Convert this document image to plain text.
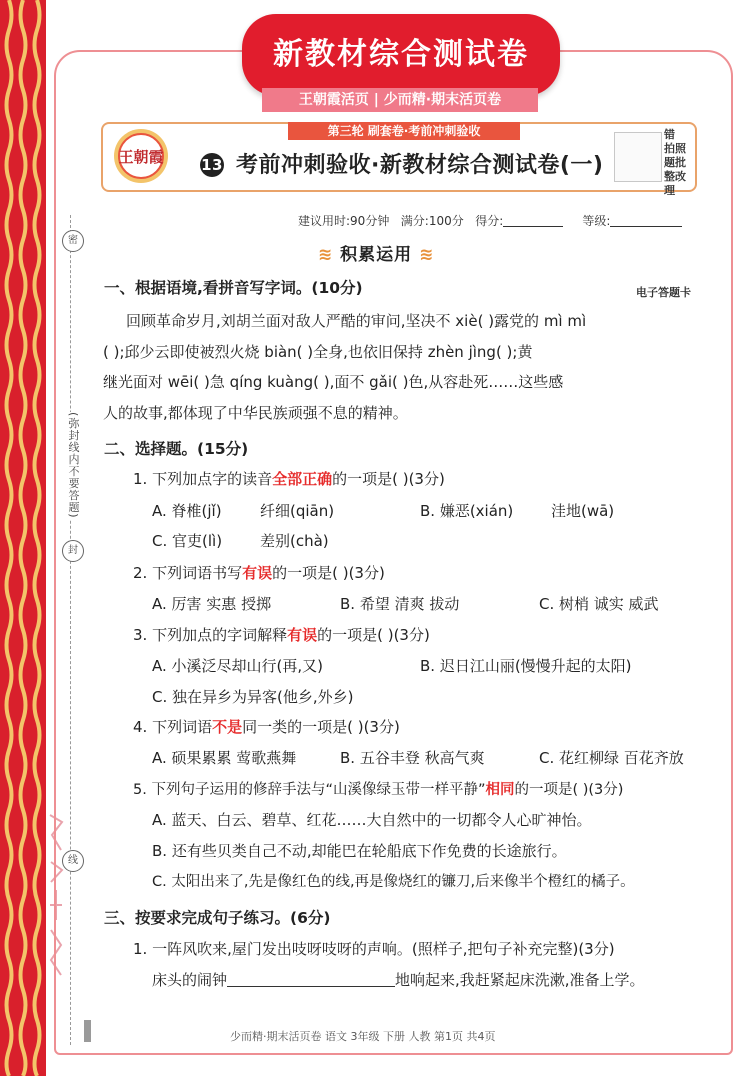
密
(弥封线内不要答题)
封
线
新教材综合测试卷
王朝霞活页 | 少而精·期末活页卷
王朝霞
第三轮 刷套卷·考前冲刺验收
13 考前冲刺验收·新教材综合测试卷(一)
错
拍照
题批
整改
理
建议用时:90分钟 满分:100分 得分:	等级:
≋ 积累运用 ≋
电子答题卡
一、根据语境,看拼音写字词。(10分)
回顾革命岁月,刘胡兰面对敌人严酷的审问,坚决不 xiè( )露党的 mì mì
( );邱少云即使被烈火烧 biàn( )全身,也依旧保持 zhèn jìng( );黄
继光面对 wēi( )急 qíng kuàng( ),面不 gǎi( )色,从容赴死……这些感
人的故事,都体现了中华民族顽强不息的精神。
二、选择题。(15分)
1. 下列加点字的读音全部正确的一项是( )(3分)
A. 脊椎(jǐ)	纤细(qiān)	B. 嫌恶(xián)	洼地(wā)
C. 官吏(lì)	差别(chà)
2. 下列词语书写有误的一项是( )(3分)
A. 厉害 实惠 授掷	B. 希望 清爽 拔动	C. 树梢 诚实 威武
3. 下列加点的字词解释有误的一项是( )(3分)
A. 小溪泛尽却山行(再,又)	B. 迟日江山丽(慢慢升起的太阳)
C. 独在异乡为异客(他乡,外乡)
4. 下列词语不是同一类的一项是( )(3分)
A. 硕果累累 莺歌燕舞	B. 五谷丰登 秋高气爽	C. 花红柳绿 百花齐放
5. 下列句子运用的修辞手法与“山溪像绿玉带一样平静”相同的一项是( )(3分)
A. 蓝天、白云、碧草、红花……大自然中的一切都令人心旷神怡。
B. 还有些贝类自己不动,却能巴在轮船底下作免费的长途旅行。
C. 太阳出来了,先是像红色的线,再是像烧红的镰刀,后来像半个橙红的橘子。
三、按要求完成句子练习。(6分)
1. 一阵风吹来,屋门发出吱呀吱呀的声响。(照样子,把句子补充完整)(3分)
床头的闹钟	地响起来,我赶紧起床洗漱,准备上学。
少而精·期末活页卷 语文 3年级 下册 人教 第1页 共4页
